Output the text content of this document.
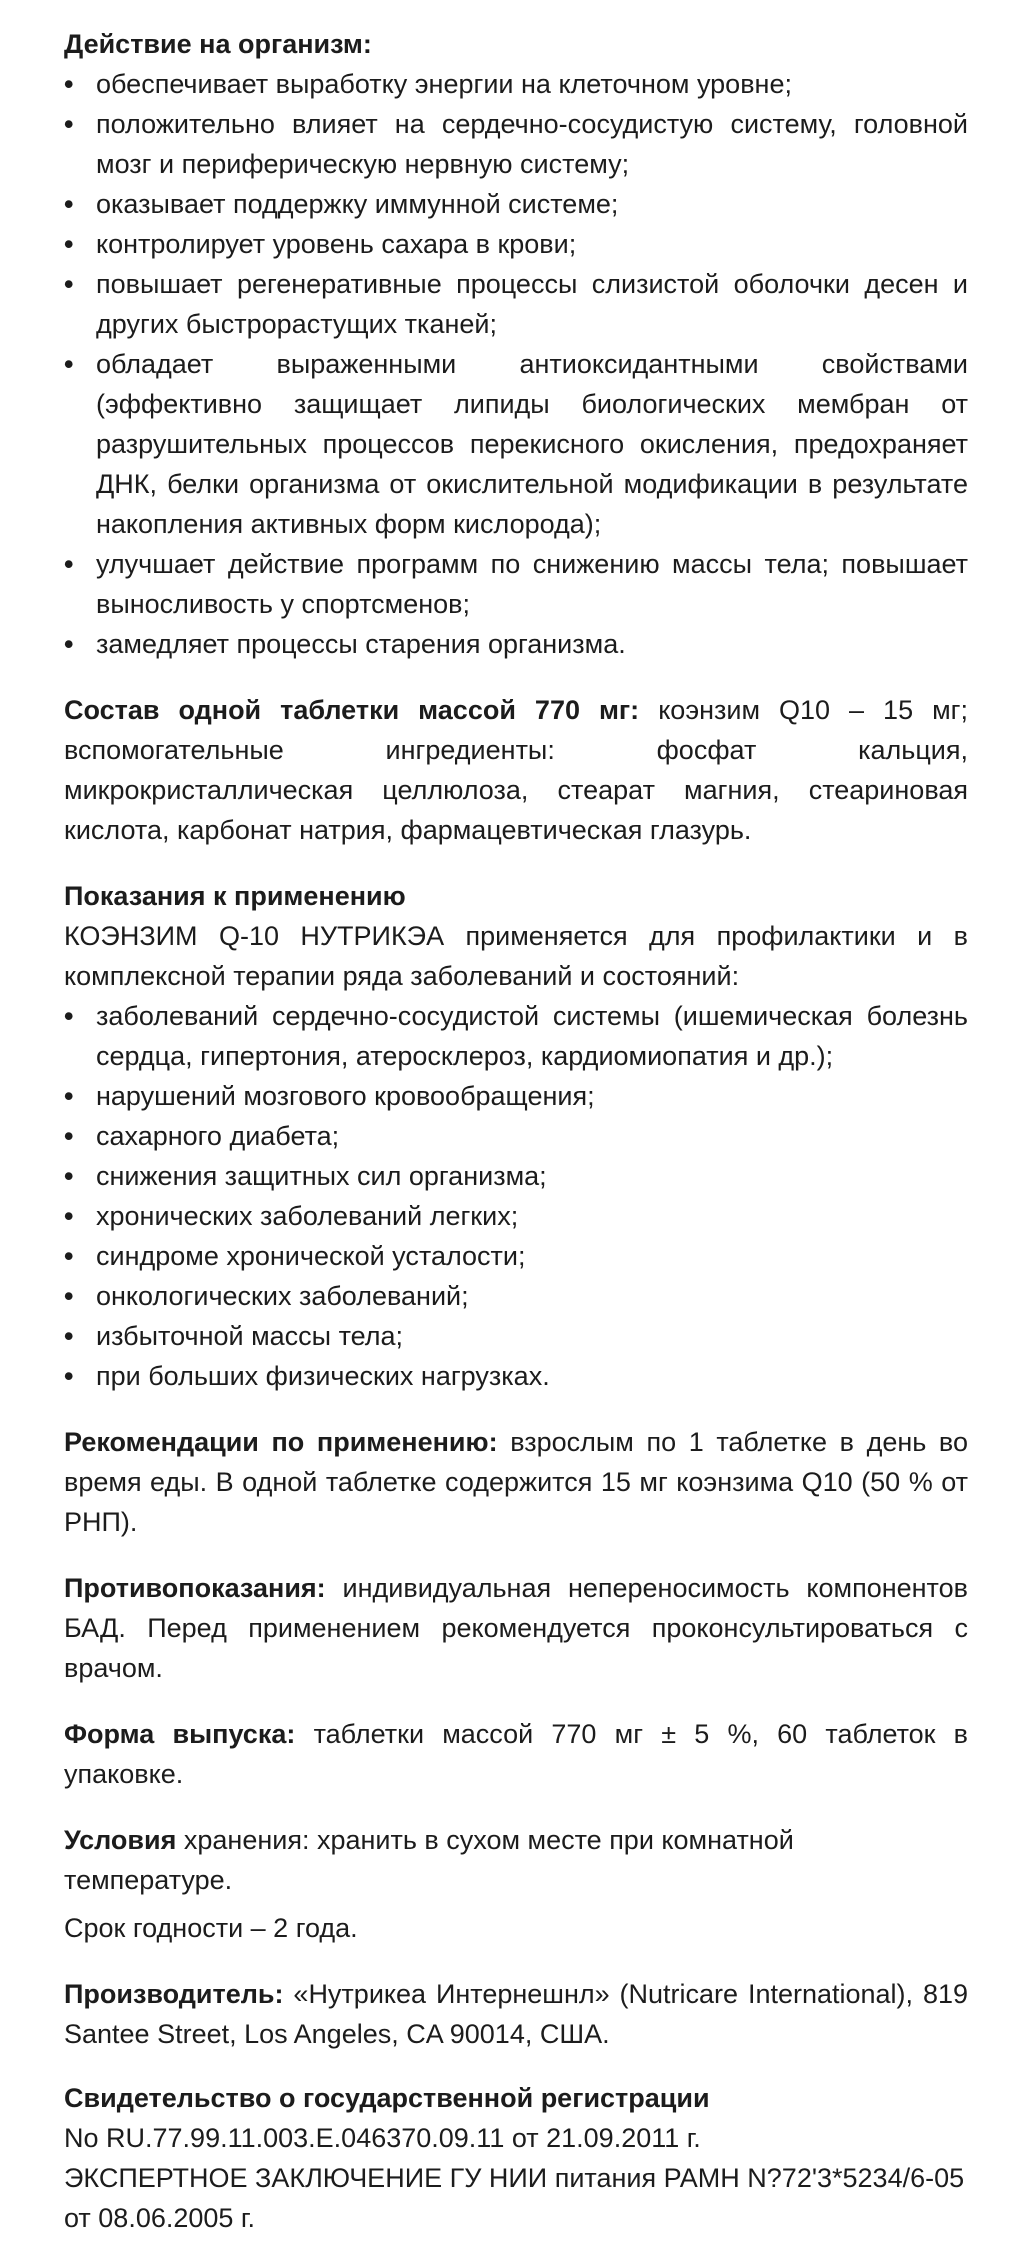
Действие на организм:
• обеспечивает выработку энергии на клеточном уровне;
• положительно влияет на сердечно-сосудистую систему, головной мозг и периферическую нервную систему;
• оказывает поддержку иммунной системе;
• контролирует уровень сахара в крови;
• повышает регенеративные процессы слизистой оболочки десен и других быстрорастущих тканей;
• обладает выраженными антиоксидантными свойствами (эффективно защищает липиды биологических мембран от разрушительных процессов перекисного окисления, предохраняет ДНК, белки организма от окислительной модификации в результате накопления активных форм кислорода);
• улучшает действие программ по снижению массы тела; повышает выносливость у спортсменов;
• замедляет процессы старения организма.

Состав одной таблетки массой 770 мг: коэнзим Q10 – 15 мг; вспомогательные ингредиенты: фосфат кальция, микрокристаллическая целлюлоза, стеарат магния, стеариновая кислота, карбонат натрия, фармацевтическая глазурь.

Показания к применению
КОЭНЗИМ Q-10 НУТРИКЭА применяется для профилактики и в комплексной терапии ряда заболеваний и состояний:
• заболеваний сердечно-сосудистой системы (ишемическая болезнь сердца, гипертония, атеросклероз, кардиомиопатия и др.);
• нарушений мозгового кровообращения;
• сахарного диабета;
• снижения защитных сил организма;
• хронических заболеваний легких;
• синдроме хронической усталости;
• онкологических заболеваний;
• избыточной массы тела;
• при больших физических нагрузках.

Рекомендации по применению: взрослым по 1 таблетке в день во время еды. В одной таблетке содержится 15 мг коэнзима Q10 (50 % от РНП).

Противопоказания: индивидуальная непереносимость компонентов БАД. Перед применением рекомендуется проконсультироваться с врачом.

Форма выпуска: таблетки массой 770 мг ± 5 %, 60 таблеток в упаковке.

Условия хранения: хранить в сухом месте при комнатной температуре.

Срок годности – 2 года.

Производитель: «Нутрикеа Интернешнл» (Nutricare International), 819 Santee Street, Los Angeles, CA 90014, США.

Свидетельство о государственной регистрации
No RU.77.99.11.003.Е.046370.09.11 от 21.09.2011 г.
ЭКСПЕРТНОЕ ЗАКЛЮЧЕНИЕ ГУ НИИ питания РАМН N?72'3*5234/6-05 от 08.06.2005 г.
